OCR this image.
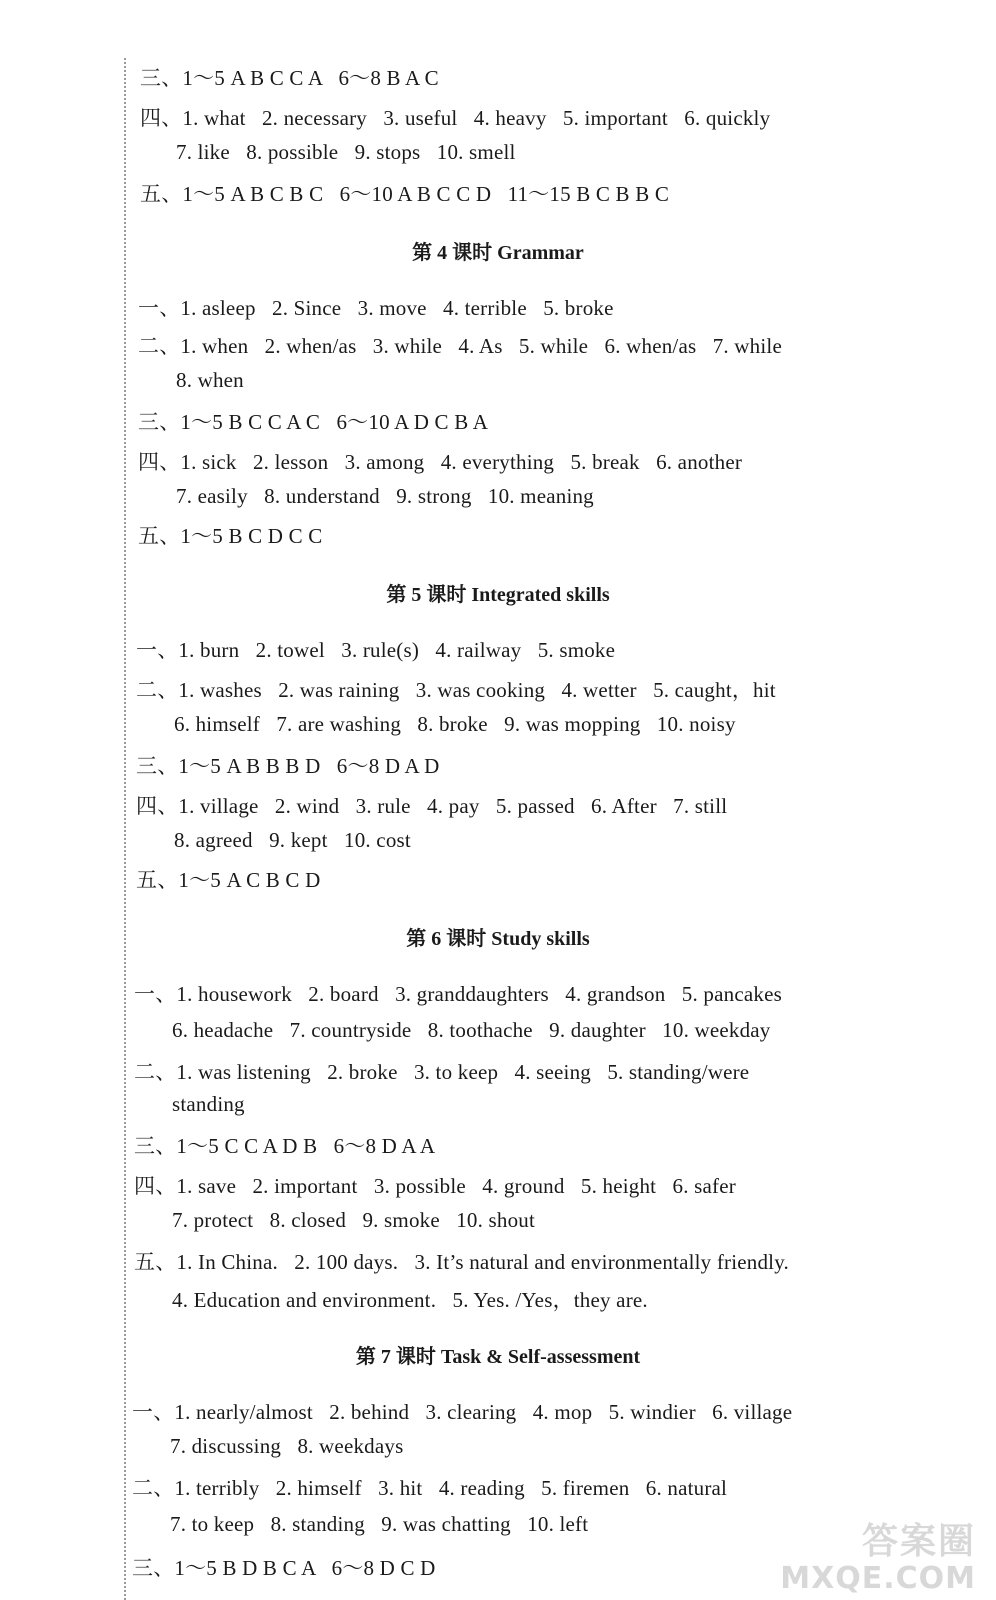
三、1～5 A B C C A   6～8 B A C
四、1. what   2. necessary   3. useful   4. heavy   5. important   6. quickly
7. like   8. possible   9. stops   10. smell
五、1～5 A B C B C   6～10 A B C C D   11～15 B C B B C
第 4 课时 Grammar
一、1. asleep   2. Since   3. move   4. terrible   5. broke
二、1. when   2. when/as   3. while   4. As   5. while   6. when/as   7. while
8. when
三、1～5 B C C A C   6～10 A D C B A
四、1. sick   2. lesson   3. among   4. everything   5. break   6. another
7. easily   8. understand   9. strong   10. meaning
五、1～5 B C D C C
第 5 课时 Integrated skills
一、1. burn   2. towel   3. rule(s)   4. railway   5. smoke
二、1. washes   2. was raining   3. was cooking   4. wetter   5. caught，hit
6. himself   7. are washing   8. broke   9. was mopping   10. noisy
三、1～5 A B B B D   6～8 D A D
四、1. village   2. wind   3. rule   4. pay   5. passed   6. After   7. still
8. agreed   9. kept   10. cost
五、1～5 A C B C D
第 6 课时 Study skills
一、1. housework   2. board   3. granddaughters   4. grandson   5. pancakes
6. headache   7. countryside   8. toothache   9. daughter   10. weekday
二、1. was listening   2. broke   3. to keep   4. seeing   5. standing/were
standing
三、1～5 C C A D B   6～8 D A A
四、1. save   2. important   3. possible   4. ground   5. height   6. safer
7. protect   8. closed   9. smoke   10. shout
五、1. In China.   2. 100 days.   3. It’s natural and environmentally friendly.
4. Education and environment.   5. Yes. /Yes，they are.
第 7 课时 Task & Self-assessment
一、1. nearly/almost   2. behind   3. clearing   4. mop   5. windier   6. village
7. discussing   8. weekdays
二、1. terribly   2. himself   3. hit   4. reading   5. firemen   6. natural
7. to keep   8. standing   9. was chatting   10. left
三、1～5 B D B C A   6～8 D C D
答案圈
MXQE.COM
